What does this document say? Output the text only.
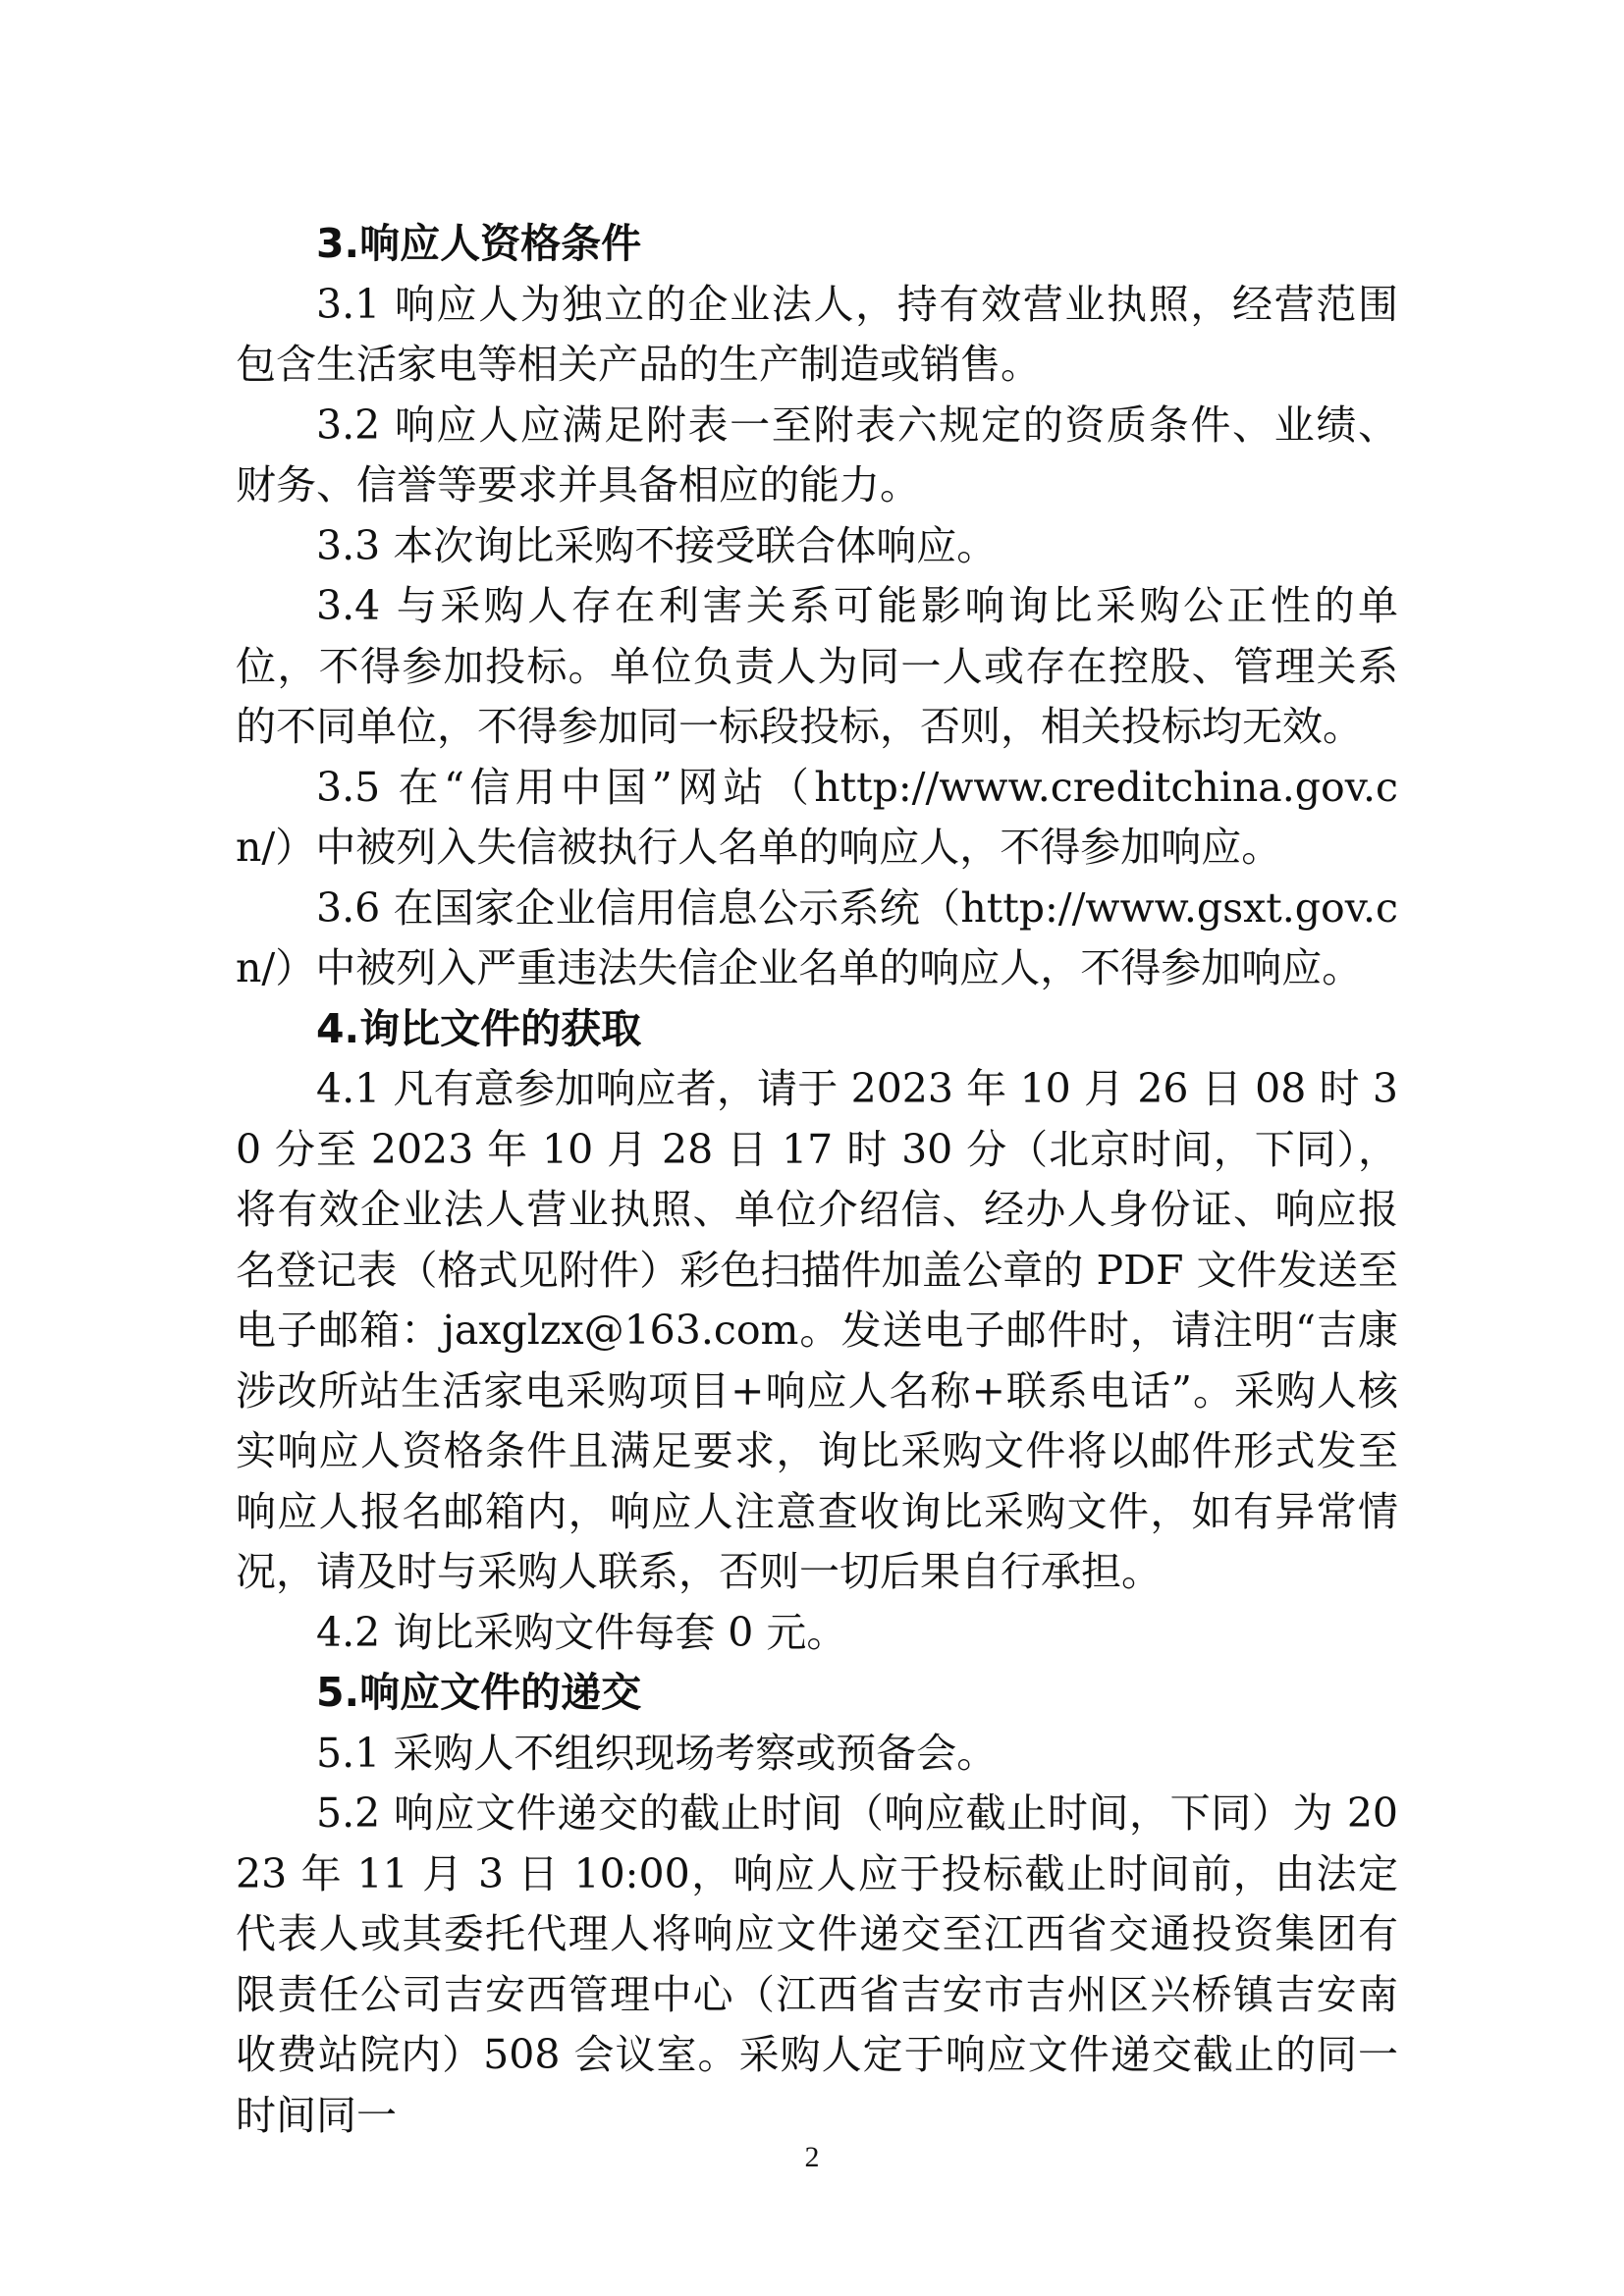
3.响应人资格条件

3.1 响应人为独立的企业法人，持有效营业执照，经营范围包含生活家电等相关产品的生产制造或销售。

3.2 响应人应满足附表一至附表六规定的资质条件、业绩、财务、信誉等要求并具备相应的能力。

3.3 本次询比采购不接受联合体响应。

3.4 与采购人存在利害关系可能影响询比采购公正性的单位，不得参加投标。单位负责人为同一人或存在控股、管理关系的不同单位，不得参加同一标段投标，否则，相关投标均无效。

3.5 在“信用中国”网站（http://www.creditchina.gov.cn/）中被列入失信被执行人名单的响应人，不得参加响应。

3.6 在国家企业信用信息公示系统（http://www.gsxt.gov.cn/）中被列入严重违法失信企业名单的响应人，不得参加响应。

4.询比文件的获取

4.1 凡有意参加响应者，请于 2023 年 10 月 26 日 08 时 30 分至 2023 年 10 月 28 日 17 时 30 分（北京时间，下同），将有效企业法人营业执照、单位介绍信、经办人身份证、响应报名登记表（格式见附件）彩色扫描件加盖公章的 PDF 文件发送至电子邮箱：jaxglzx@163.com。发送电子邮件时，请注明“吉康涉改所站生活家电采购项目+响应人名称+联系电话”。采购人核实响应人资格条件且满足要求，询比采购文件将以邮件形式发至响应人报名邮箱内，响应人注意查收询比采购文件，如有异常情况，请及时与采购人联系，否则一切后果自行承担。

4.2 询比采购文件每套 0 元。

5.响应文件的递交

5.1 采购人不组织现场考察或预备会。

5.2 响应文件递交的截止时间（响应截止时间，下同）为 2023 年 11 月 3 日 10:00，响应人应于投标截止时间前，由法定代表人或其委托代理人将响应文件递交至江西省交通投资集团有限责任公司吉安西管理中心（江西省吉安市吉州区兴桥镇吉安南收费站院内）508 会议室。采购人定于响应文件递交截止的同一时间同一

2
